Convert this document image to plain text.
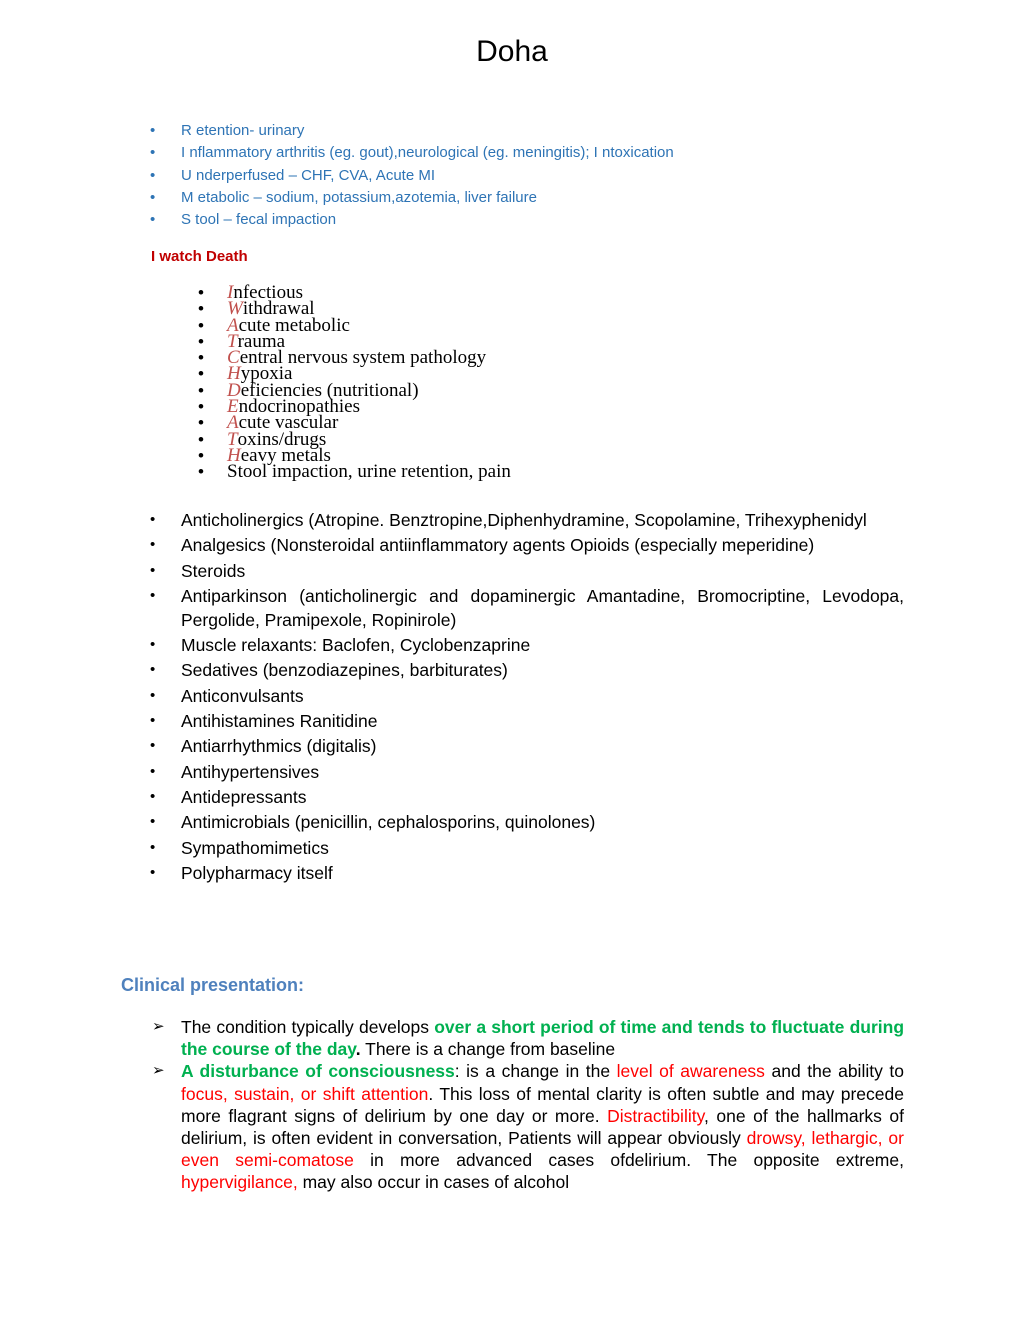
Doha
• R etention- urinary
• I nflammatory arthritis (eg. gout),neurological (eg. meningitis); I ntoxication
• U nderperfused – CHF, CVA, Acute MI
• M etabolic – sodium, potassium,azotemia, liver failure
• S tool – fecal impaction
I watch Death
• Infectious
• Withdrawal
• Acute metabolic
• Trauma
• Central nervous system pathology
• Hypoxia
• Deficiencies (nutritional)
• Endocrinopathies
• Acute vascular
• Toxins/drugs
• Heavy metals
• Stool impaction, urine retention, pain
• Anticholinergics (Atropine. Benztropine,Diphenhydramine, Scopolamine, Trihexyphenidyl
• Analgesics (Nonsteroidal antiinflammatory agents Opioids (especially meperidine)
• Steroids
• Antiparkinson (anticholinergic and dopaminergic Amantadine, Bromocriptine, Levodopa, Pergolide, Pramipexole, Ropinirole)
• Muscle relaxants: Baclofen, Cyclobenzaprine
• Sedatives (benzodiazepines, barbiturates)
• Anticonvulsants
• Antihistamines Ranitidine
• Antiarrhythmics (digitalis)
• Antihypertensives
• Antidepressants
• Antimicrobials (penicillin, cephalosporins, quinolones)
• Sympathomimetics
• Polypharmacy itself
Clinical presentation:
➢ The condition typically develops over a short period of time and tends to fluctuate during the course of the day. There is a change from baseline
➢ A disturbance of consciousness: is a change in the level of awareness and the ability to focus, sustain, or shift attention. This loss of mental clarity is often subtle and may precede more flagrant signs of delirium by one day or more. Distractibility, one of the hallmarks of delirium, is often evident in conversation, Patients will appear obviously drowsy, lethargic, or even semi-comatose in more advanced cases ofdelirium. The opposite extreme, hypervigilance, may also occur in cases of alcohol
